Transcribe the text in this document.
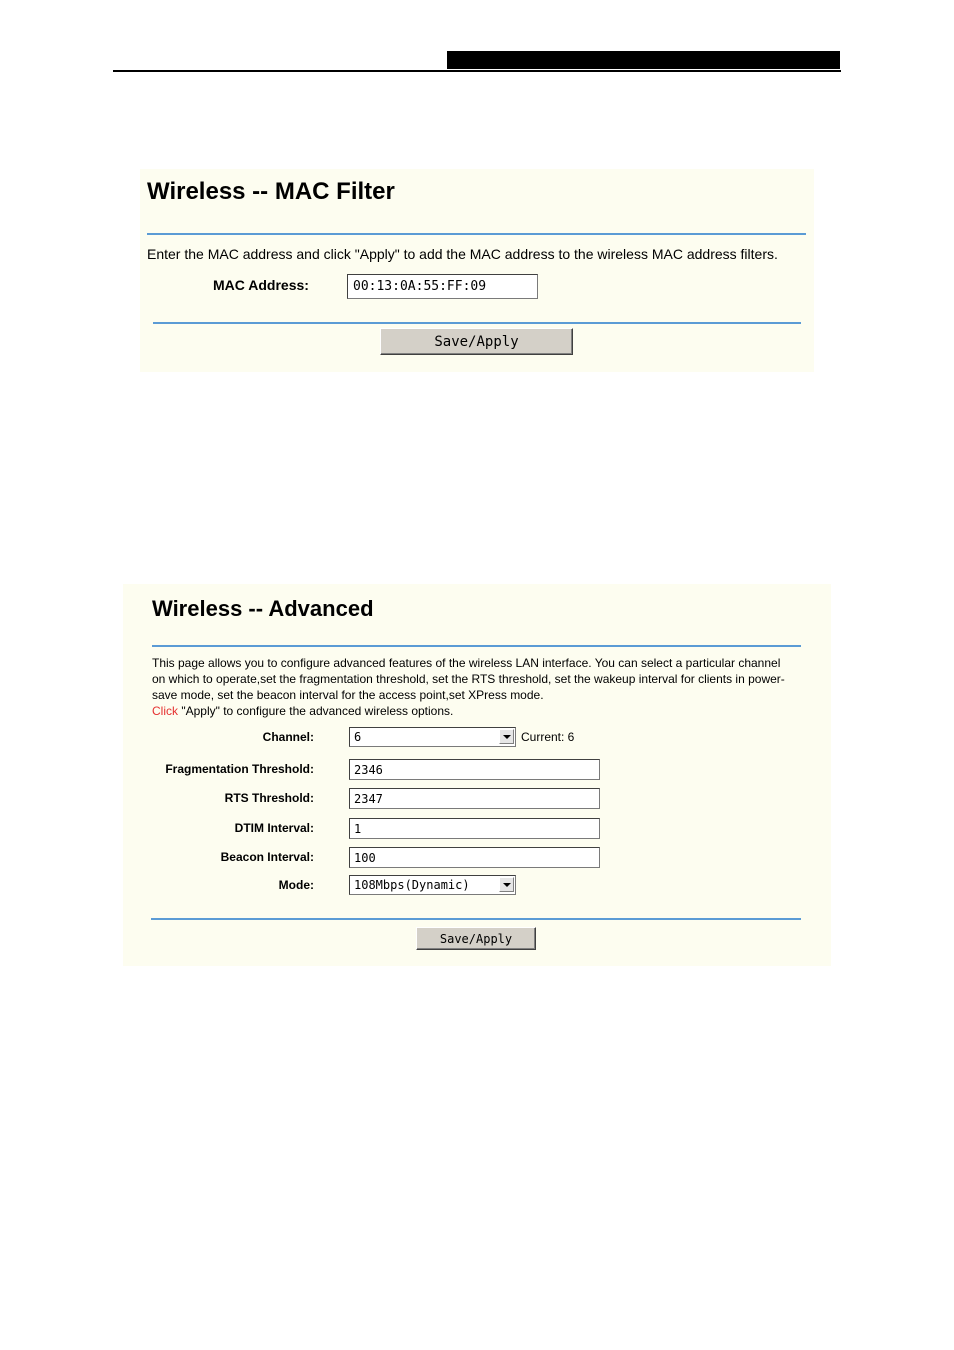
Wireless -- MAC Filter
Enter the MAC address and click "Apply" to add the MAC address to the wireless MAC address filters.
MAC Address:
00:13:0A:55:FF:09
Save/Apply
Wireless -- Advanced
This page allows you to configure advanced features of the wireless LAN interface. You can select a particular channel on which to operate,set the fragmentation threshold, set the RTS threshold, set the wakeup interval for clients in power-save mode, set the beacon interval for the access point,set XPress mode.
Click "Apply" to configure the advanced wireless options.
Channel:	6	Current: 6
Fragmentation Threshold:
2346
RTS Threshold:
2347
DTIM Interval:
1
Beacon Interval:
100
Mode:	108Mbps(Dynamic)
Save/Apply
